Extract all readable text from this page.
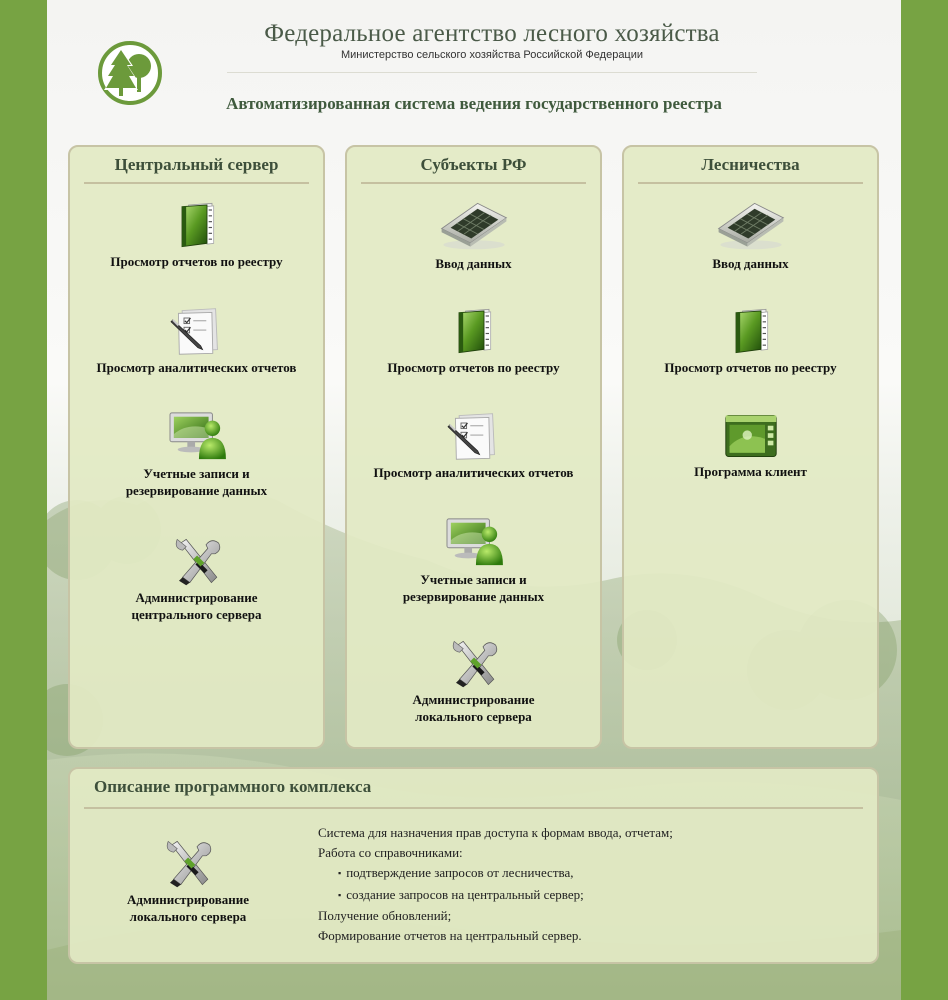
Федеральное агентство лесного хозяйства
Министерство сельского хозяйства Российской Федерации
Автоматизированная система ведения государственного реестра
Центральный сервер
Просмотр отчетов по реестру
Просмотр аналитических отчетов
Учетные записи и
резервирование данных
Администрирование
центрального сервера
Субъекты РФ
Ввод данных
Просмотр отчетов по реестру
Просмотр аналитических отчетов
Учетные записи и
резервирование данных
Администрирование
локального сервера
Лесничества
Ввод данных
Просмотр отчетов по реестру
Программа клиент
Описание программного комплекса
Администрирование
локального сервера
Система для назначения прав доступа к формам ввода, отчетам;
Работа со справочниками:
▪ подтверждение запросов от лесничества,
▪ создание запросов на центральный сервер;
Получение обновлений;
Формирование отчетов на центральный сервер.
